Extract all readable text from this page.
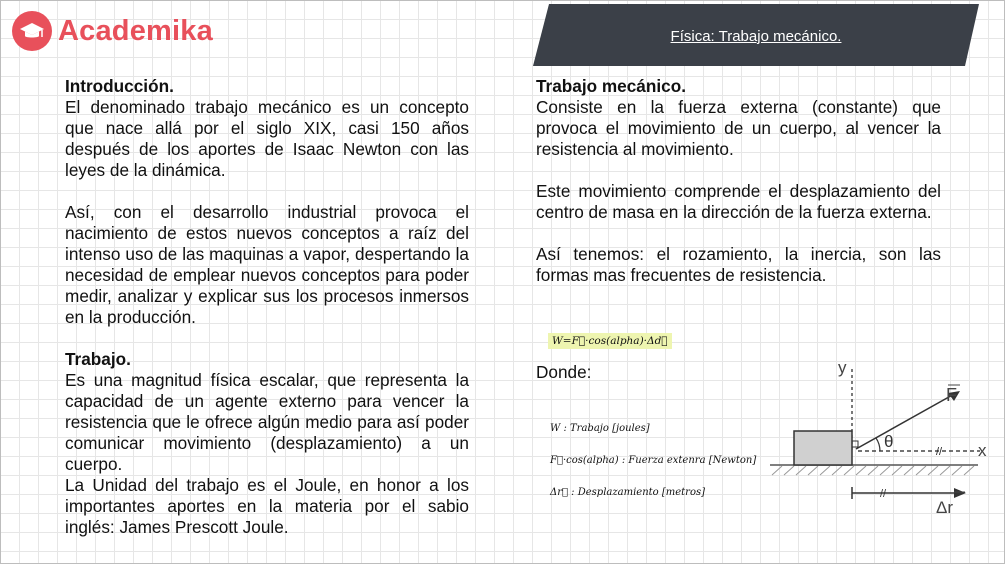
Academika	Física: Trabajo mecánico.
Introducción.

El denominado trabajo mecánico es un concepto que nace allá por el siglo XIX, casi 150 años después de los aportes de Isaac Newton con las leyes de la dinámica.

Así, con el desarrollo industrial provoca el nacimiento de estos nuevos conceptos a raíz del intenso uso de las maquinas a vapor, despertando la necesidad de emplear nuevos conceptos para poder medir, analizar y explicar sus los procesos inmersos en la producción.

Trabajo.

Es una magnitud física escalar, que representa la capacidad de un agente externo para vencer la resistencia que le ofrece algún medio para así poder comunicar movimiento (desplazamiento) a un cuerpo.

La Unidad del trabajo es el Joule, en honor a los importantes aportes en la materia por el sabio inglés: James Prescott Joule.

Trabajo mecánico.

Consiste en la fuerza externa (constante) que provoca el movimiento de un cuerpo, al vencer la resistencia al movimiento.

Este movimiento comprende el desplazamiento del centro de masa en la dirección de la fuerza externa.

Así tenemos: el rozamiento, la inercia, son las formas mas frecuentes de resistencia.

W=F⃗·cos(alpha)·Δd⃗
Donde:
W : Trabajo [joules]
F⃗·cos(alpha) : Fuerza extenra [Newton]
Δr⃗ : Desplazamiento [metros]
y
// x
F
θ
//
Δr
